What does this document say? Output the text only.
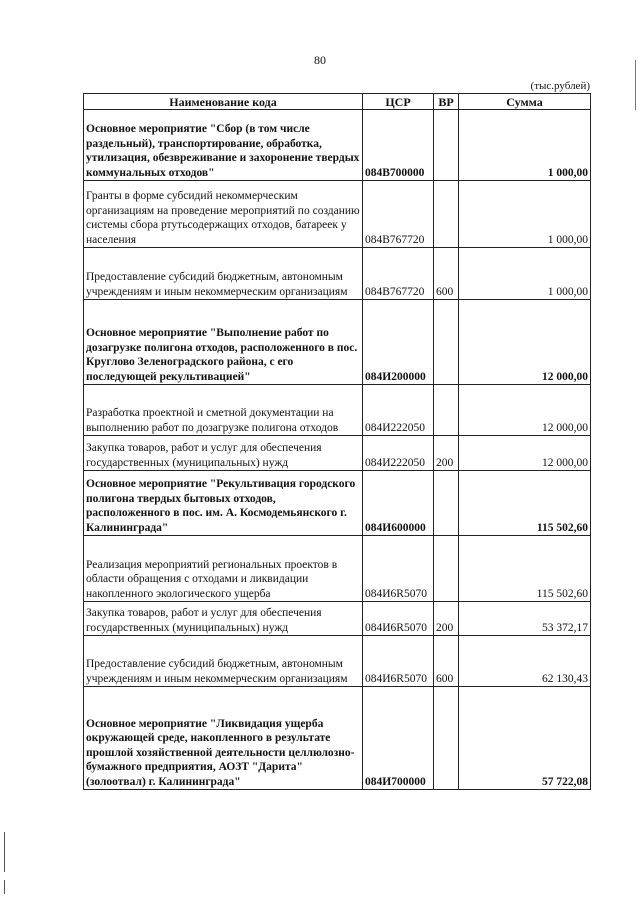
80
(тыс.рублей)
Наименование кода	ЦСР	ВР	Сумма
Основное мероприятие "Сбор (в том числе раздельный), транспортирование, обработка, утилизация, обезвреживание и захоронение твердых коммунальных отходов"	084В700000		1 000,00
Гранты в форме субсидий некоммерческим организациям на проведение мероприятий по созданию системы сбора ртутьсодержащих отходов, батареек у населения	084В767720		1 000,00
Предоставление субсидий бюджетным, автономным учреждениям и иным некоммерческим организациям	084В767720	600	1 000,00
Основное мероприятие "Выполнение работ по дозагрузке полигона отходов, расположенного в пос. Круглово Зеленоградского района, с его последующей рекультивацией"	084И200000		12 000,00
Разработка проектной и сметной документации на выполнению работ по дозагрузке полигона отходов	084И222050		12 000,00
Закупка товаров, работ и услуг для обеспечения государственных (муниципальных) нужд	084И222050	200	12 000,00
Основное мероприятие "Рекультивация городского полигона твердых бытовых отходов, расположенного в пос. им. А. Космодемьянского г. Калининграда"	084И600000		115 502,60
Реализация мероприятий региональных проектов в области обращения с отходами и ликвидации накопленного экологического ущерба	084И6R5070		115 502,60
Закупка товаров, работ и услуг для обеспечения государственных (муниципальных) нужд	084И6R5070	200	53 372,17
Предоставление субсидий бюджетным, автономным учреждениям и иным некоммерческим организациям	084И6R5070	600	62 130,43
Основное мероприятие "Ликвидация ущерба окружающей среде, накопленного в результате прошлой хозяйственной деятельности целлюлозно-бумажного предприятия, АОЗТ "Дарита" (золоотвал) г. Калининграда"	084И700000		57 722,08
